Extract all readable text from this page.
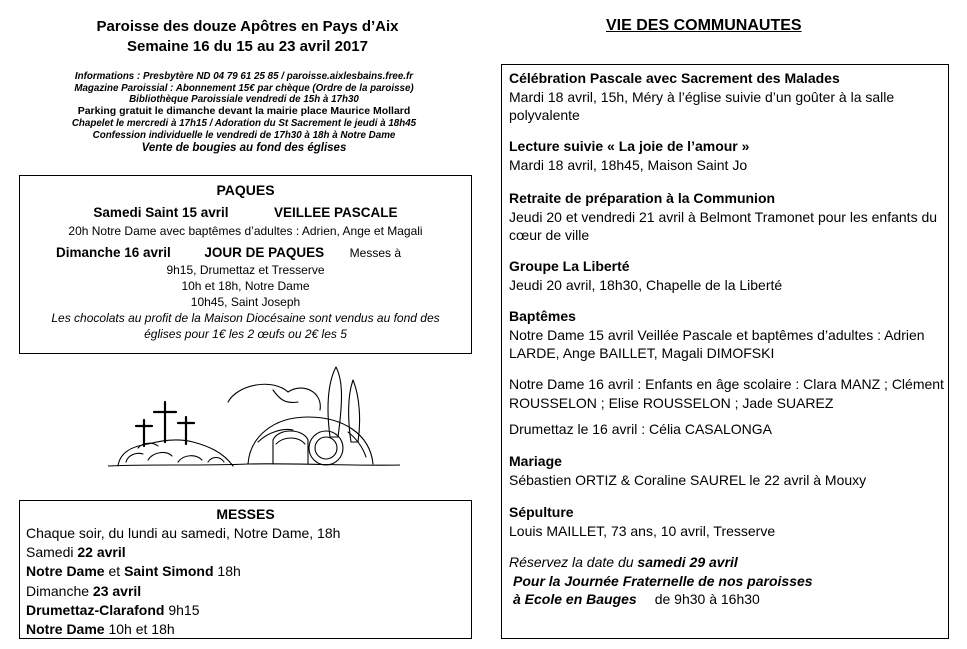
Paroisse des douze Apôtres en Pays d’Aix
Semaine 16 du 15 au 23 avril 2017
Informations : Presbytère ND 04 79 61 25 85 / paroisse.aixlesbains.free.fr
Magazine Paroissial : Abonnement 15€ par chèque (Ordre de la paroisse)
Bibliothèque Paroissiale vendredi de 15h à 17h30
Parking gratuit le dimanche devant la mairie place Maurice Mollard
Chapelet le mercredi à 17h15 / Adoration du St Sacrement le jeudi à 18h45
Confession individuelle le vendredi de 17h30 à 18h à Notre Dame
Vente de bougies au fond des églises
PAQUES
Samedi Saint 15 avril	VEILLEE PASCALE
20h Notre Dame avec baptêmes d’adultes : Adrien, Ange et Magali
Dimanche 16 avril JOUR DE PAQUES Messes à
9h15, Drumettaz et Tresserve
10h et 18h, Notre Dame
10h45, Saint Joseph
Les chocolats au profit de la Maison Diocésaine sont vendus au fond des
églises pour 1€ les 2 œufs ou 2€ les 5
MESSES
Chaque soir, du lundi au samedi, Notre Dame, 18h
Samedi 22 avril
Notre Dame et Saint Simond 18h
Dimanche 23 avril
Drumettaz-Clarafond 9h15
Notre Dame 10h et 18h
VIE DES COMMUNAUTES
Célébration Pascale avec Sacrement des Malades
Mardi 18 avril, 15h, Méry à l’église suivie d’un goûter à la salle polyvalente
Lecture suivie « La joie de l’amour »
Mardi 18 avril, 18h45, Maison Saint Jo
Retraite de préparation à la Communion
Jeudi 20 et vendredi 21 avril à Belmont Tramonet pour les enfants du cœur de ville
Groupe La Liberté
Jeudi 20 avril, 18h30, Chapelle de la Liberté
Baptêmes
Notre Dame 15 avril Veillée Pascale et baptêmes d’adultes : Adrien LARDE, Ange BAILLET, Magali DIMOFSKI
Notre Dame 16 avril : Enfants en âge scolaire : Clara MANZ ; Clément ROUSSELON ; Elise ROUSSELON ; Jade SUAREZ
Drumettaz le 16 avril : Célia CASALONGA
Mariage
Sébastien ORTIZ & Coraline SAUREL le 22 avril à Mouxy
Sépulture
Louis MAILLET, 73 ans, 10 avril, Tresserve
Réservez la date du samedi 29 avril
Pour la Journée Fraternelle de nos paroisses
à Ecole en Bauges de 9h30 à 16h30
